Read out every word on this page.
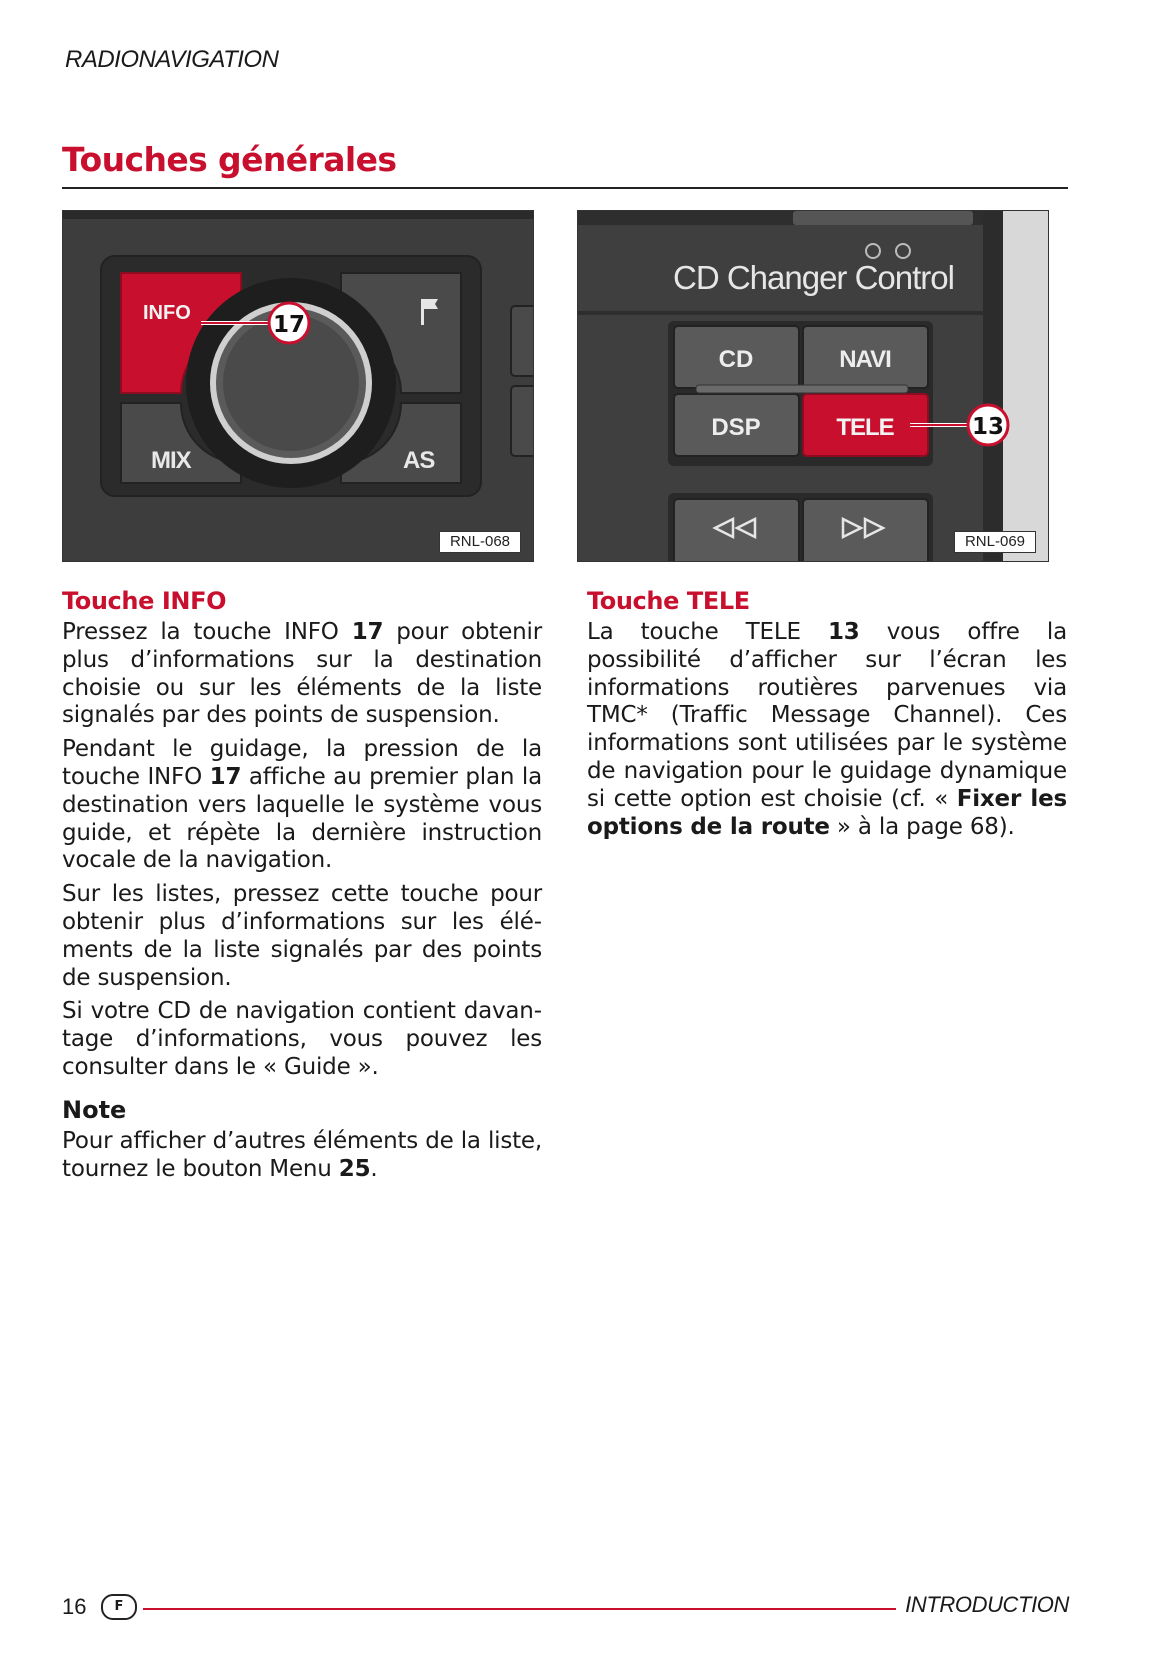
RADIONAVIGATION
Touches générales
INFO
MIX	AS
17
RNL-068
CD Changer Control
CD	NAVI
DSP	TELE	13
RNL-069
Touche INFO

Pressez la touche INFO 17 pour obtenir plus d’informations sur la destination choisie ou sur les éléments de la liste signalés par des points de suspension.

Pendant le guidage, la pression de la touche INFO 17 affiche au premier plan la destination vers laquelle le système vous guide, et répète la dernière instruction vocale de la navigation.

Sur les listes, pressez cette touche pour obtenir plus d’informations sur les éléments de la liste signalés par des points de suspension.

Si votre CD de navigation contient davantage d’informations, vous pouvez les consulter dans le « Guide ».

Note

Pour afficher d’autres éléments de la liste, tournez le bouton Menu 25.

Touche TELE

La touche TELE 13 vous offre la possibilité d’afficher sur l’écran les informations routières parvenues via TMC* (Traffic Message Channel). Ces informations sont utilisées par le système de navigation pour le guidage dynamique si cette option est choisie (cf. « Fixer les options de la route » à la page 68).

16	F	INTRODUCTION
